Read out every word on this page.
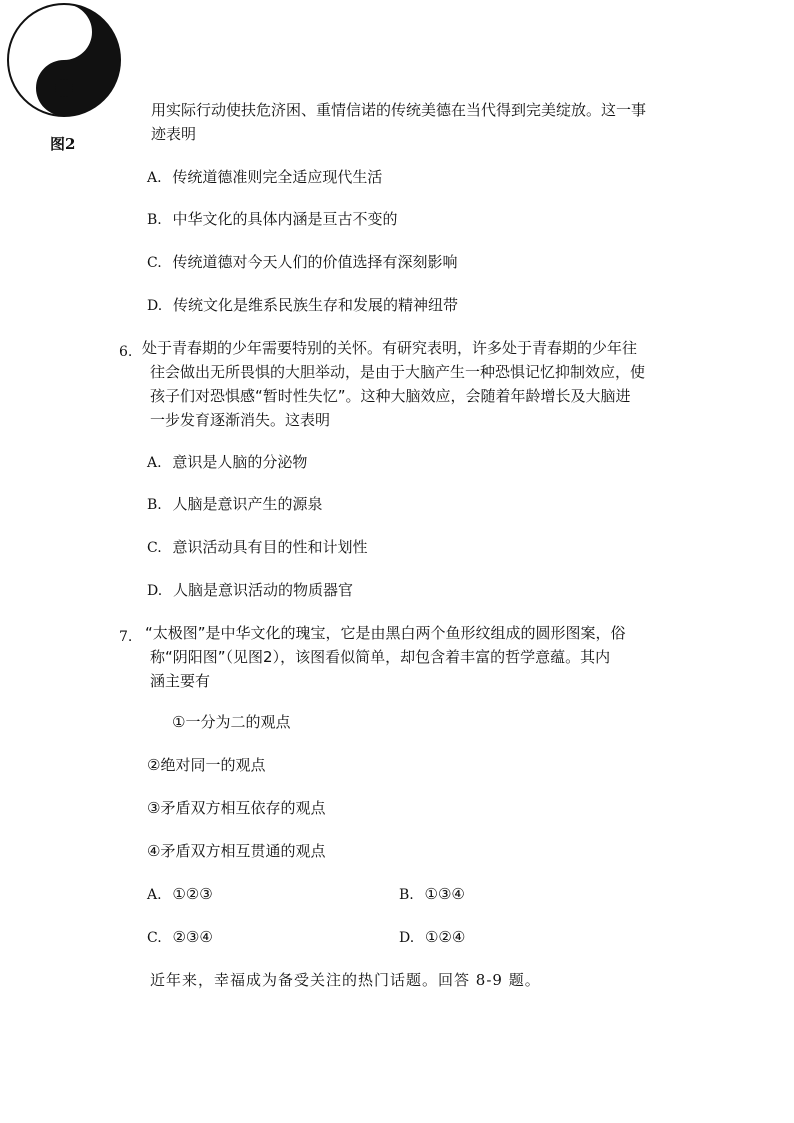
图2
用实际行动使扶危济困、重情信诺的传统美德在当代得到完美绽放。这一事
迹表明
A. 传统道德准则完全适应现代生活
B. 中华文化的具体内涵是亘古不变的
C. 传统道德对今天人们的价值选择有深刻影响
D. 传统文化是维系民族生存和发展的精神纽带
6. 处于青春期的少年需要特别的关怀。有研究表明，许多处于青春期的少年往
往会做出无所畏惧的大胆举动，是由于大脑产生一种恐惧记忆抑制效应，使
孩子们对恐惧感“暂时性失忆”。这种大脑效应，会随着年龄增长及大脑进
一步发育逐渐消失。这表明
A. 意识是人脑的分泌物
B. 人脑是意识产生的源泉
C. 意识活动具有目的性和计划性
D. 人脑是意识活动的物质器官
7. “太极图”是中华文化的瑰宝，它是由黑白两个鱼形纹组成的圆形图案，俗
称“阴阳图”（见图2），该图看似简单，却包含着丰富的哲学意蕴。其内
涵主要有
①一分为二的观点
②绝对同一的观点
③矛盾双方相互依存的观点
④矛盾双方相互贯通的观点
A. ①②③	B. ①③④
C. ②③④	D. ①②④
近年来，幸福成为备受关注的热门话题。回答 8-9 题。
